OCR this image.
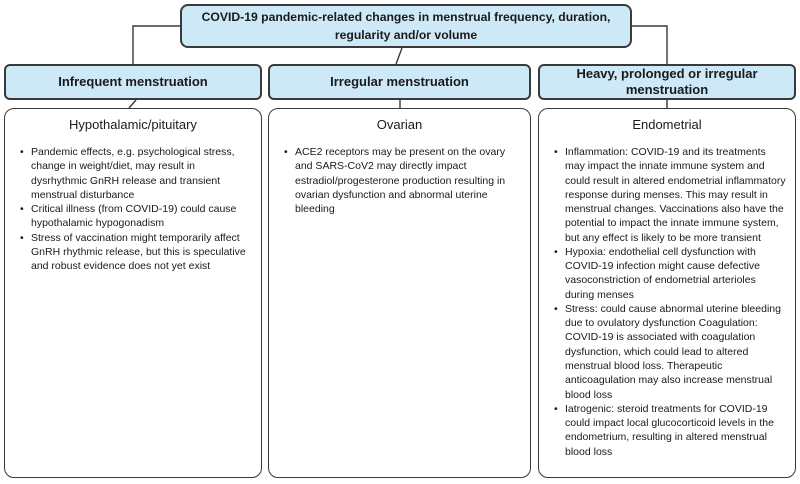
COVID-19 pandemic-related changes in menstrual frequency, duration, regularity and/or volume
Infrequent menstruation	Irregular menstruation
Heavy, prolonged or irregular menstruation
Hypothalamic/pituitary
• Pandemic effects, e.g. psychological stress, change in weight/diet, may result in dysrhythmic GnRH release and transient menstrual disturbance
• Critical illness (from COVID-19) could cause hypothalamic hypogonadism
• Stress of vaccination might temporarily affect GnRH rhythmic release, but this is speculative and robust evidence does not yet exist
Ovarian
• ACE2 receptors may be present on the ovary and SARS-CoV2 may directly impact estradiol/progesterone production resulting in ovarian dysfunction and abnormal uterine bleeding
Endometrial
• Inflammation: COVID-19 and its treatments may impact the innate immune system and could result in altered endometrial inflammatory response during menses. This may result in menstrual changes. Vaccinations also have the potential to impact the innate immune system, but any effect is likely to be more transient
• Hypoxia: endothelial cell dysfunction with COVID-19 infection might cause defective vasoconstriction of endometrial arterioles during menses
• Stress: could cause abnormal uterine bleeding due to ovulatory dysfunction Coagulation: COVID-19 is associated with coagulation dysfunction, which could lead to altered menstrual blood loss. Therapeutic anticoagulation may also increase menstrual blood loss
• Iatrogenic: steroid treatments for COVID-19 could impact local glucocorticoid levels in the endometrium, resulting in altered menstrual blood loss
